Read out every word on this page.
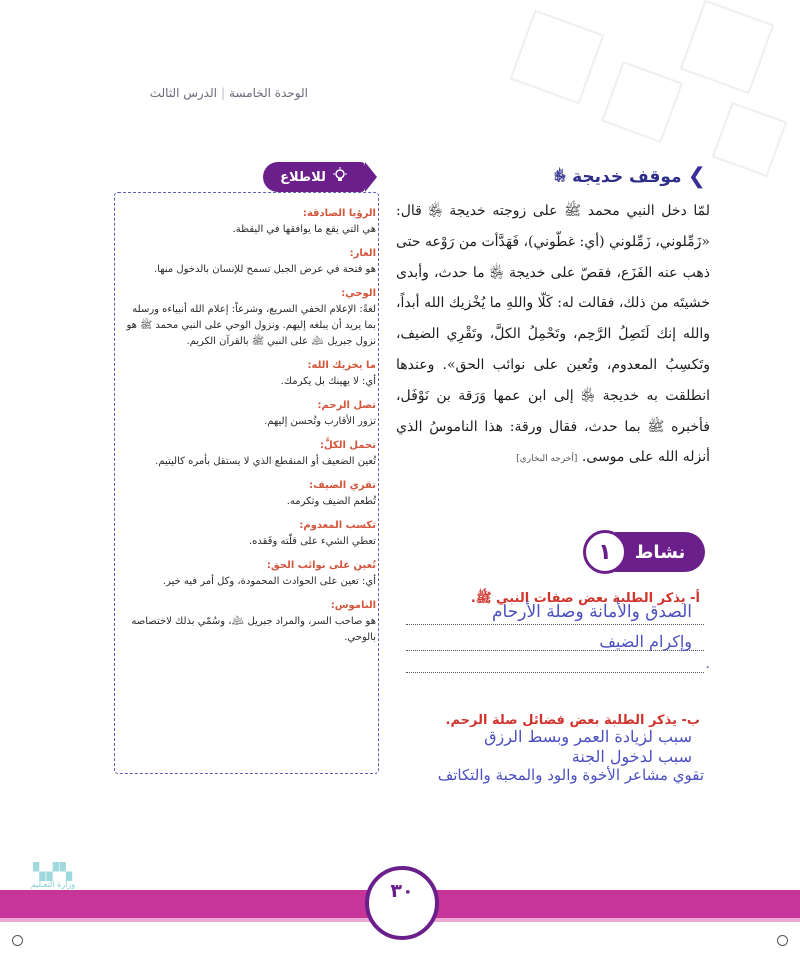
الوحدة الخامسة|الدرس الثالث
❯
موقف خديجة
﵂
لمّا دخل النبي محمد ﷺ على زوجته خديجة ﵂ قال: «زَمِّلوني، زَمِّلوني (أي: غطّوني)، فَهَدَّأت من رَوْعه حتى ذهب عنه الفَزَع، فقصّ على خديجة ﵂ ما حدث، وأبدى خشيتَه من ذلك، فقالت له: كَلّا واللهِ ما يُخْزيك الله أبداً، والله إنك لَتَصِلُ الرَّحِم، وتَحْمِلُ الكلَّ، وتَقْرِي الضيف، وتَكسِبُ المعدوم، وتُعين على نوائب الحق». وعندها انطلقت به خديجة ﵂ إلى ابن عمها وَرَقة بن نَوْفَل، فأخبره ﷺ بما حدث، فقال ورقة: هذا الناموسُ الذي أنزله الله على موسى. [أخرجه البخاري]
للاطلاع
الرؤيا الصادقة:
هي التي يقع ما يوافقها في اليقظة.
الغار:
هو فتحة في عرض الجبل تسمح للإنسان بالدخول منها.
الوحي:
لغةً: الإعلام الخفي السريع، وشرعاً: إعلام الله أنبياءه ورسله بما يريد أن يبلغه إليهم. ونزول الوحي على النبي محمد ﷺ هو نزول جبريل ﵇ على النبي ﷺ بالقرآن الكريم.
ما يخزيك الله:
أي: لا يهينك بل يكرمك.
تصل الرحم:
تزور الأقارب وتُحسن إليهم.
تحمل الكلَّ:
تُعين الضعيف أو المنقطع الذي لا يستقل بأمره كاليتيم.
تقري الضيف:
تُطعم الضيف وتكرمه.
تكسب المعدوم:
تعطي الشيء على قلّته وفَقده.
تُعين على نوائب الحق:
أي: تعين على الحوادث المحمودة، وكل أمر فيه خير.
الناموس:
هو صاحب السر، والمراد جبريل ﵇، وسُمّي بذلك لاختصاصه بالوحي.
نشاط
١
أ- يذكر الطلبة بعض صفات النبي ﷺ.
الصدق والأمانة وصلة الأرحام
وإكرام الضيف
.
ب- يذكر الطلبة بعض فضائل صلة الرحم.
سبب لزيادة العمر وبسط الرزق
سبب لدخول الجنة
تقوي مشاعر الأخوة والود والمحبة والتكاتف
٣٠
▚▞▚
وزارة التعـليم
